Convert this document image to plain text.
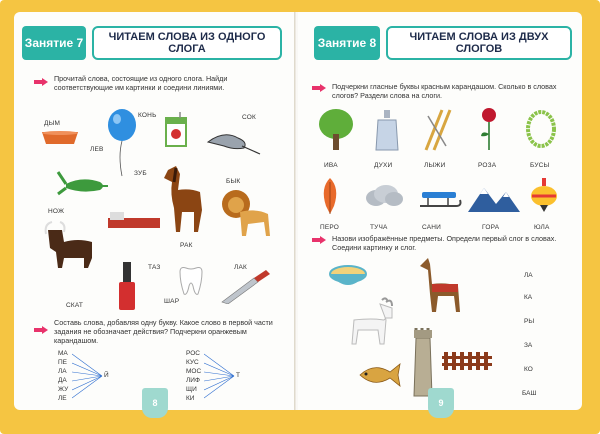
Занятие 7	ЧИТАЕМ СЛОВА ИЗ ОДНОГО СЛОГА
Прочитай слова, состоящие из одного слога. Найди соответствующие им картинки и соедини линиями.
ДЫМ
КОНЬ	СОК
ЛЕВ
ЗУБ
БЫК
НОЖ
РАК
ТАЗ	ЛАК
ШАР
СКАТ
Составь слова, добавляя одну букву. Какое слово в первой части задания не обозначает действия? Подчеркни оранжевым карандашом.
МА
ПЕ
ЛА
ДА
ЖУ
ЛЕ
Й
РОС
КУС
МОС
ЛИФ
ЩИ
КИ
Т
8
Занятие 8	ЧИТАЕМ СЛОВА ИЗ ДВУХ СЛОГОВ
Подчеркни гласные буквы красным карандашом. Сколько в словах слогов? Раздели слова на слоги.
ИВА	ДУХИ	ЛЫЖИ	РОЗА	БУСЫ
ПЕРО	ТУЧА	САНИ	ГОРА	ЮЛА
Назови изображённые предметы. Определи первый слог в словах. Соедини картинку и слог.
ЛА
КА
РЫ
ЗА
КО
БАШ
9
